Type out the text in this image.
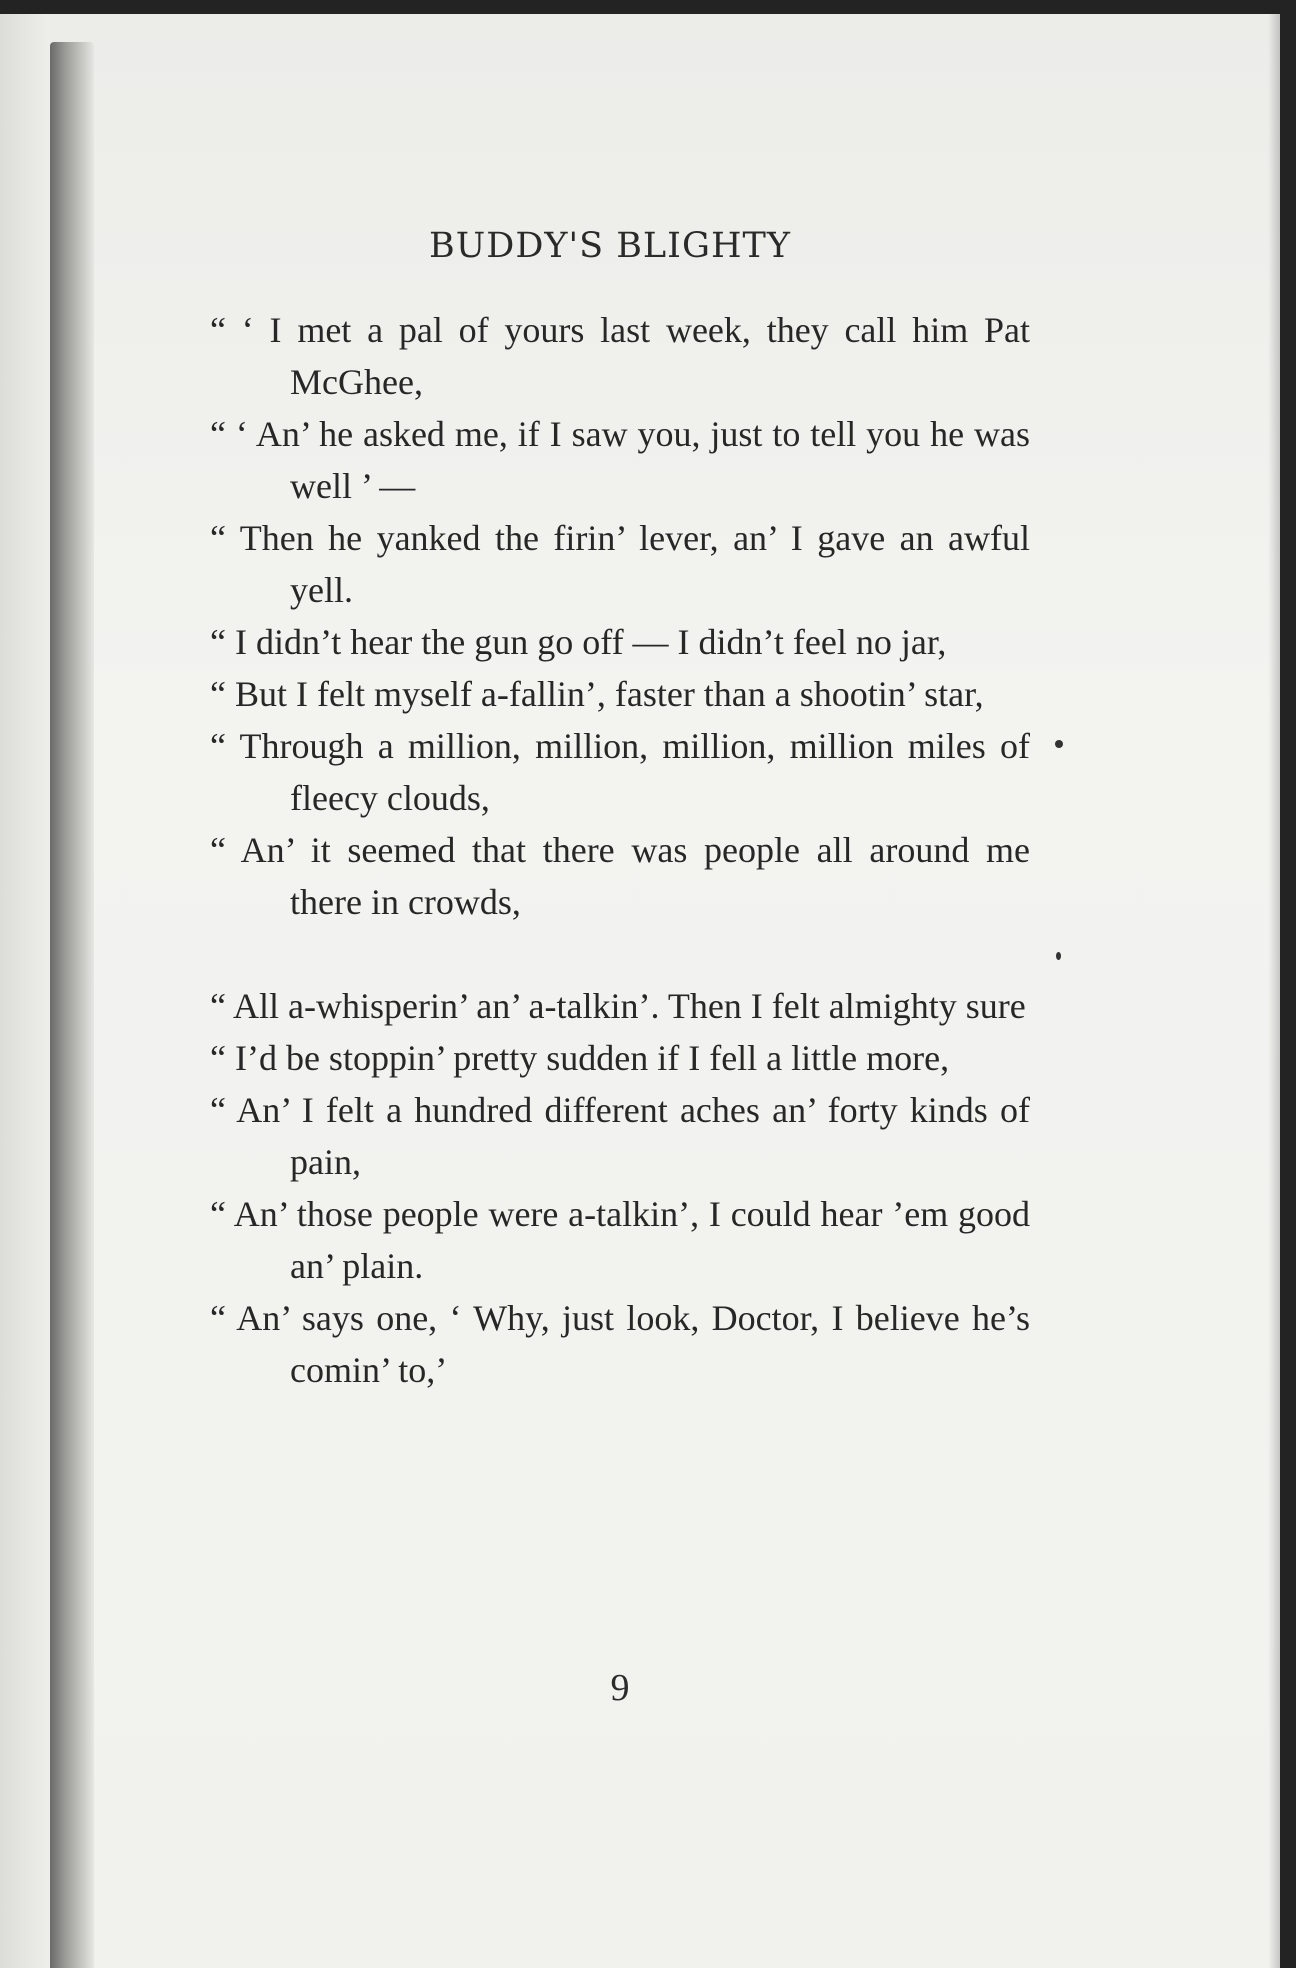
BUDDY'S BLIGHTY

“ ‘ I met a pal of yours last week, they call him Pat McGhee,

“ ‘ An’ he asked me, if I saw you, just to tell you he was well ’ —

“ Then he yanked the firin’ lever, an’ I gave an awful yell.

“ I didn’t hear the gun go off — I didn’t feel no jar,

“ But I felt myself a-fallin’, faster than a shootin’ star,

“ Through a million, million, million, million miles of fleecy clouds,

“ An’ it seemed that there was people all around me there in crowds,

“ All a-whisperin’ an’ a-talkin’. Then I felt almighty sure

“ I’d be stoppin’ pretty sudden if I fell a little more,

“ An’ I felt a hundred different aches an’ forty kinds of pain,

“ An’ those people were a-talkin’, I could hear ’em good an’ plain.

“ An’ says one, ‘ Why, just look, Doctor, I believe he’s comin’ to,’

9
